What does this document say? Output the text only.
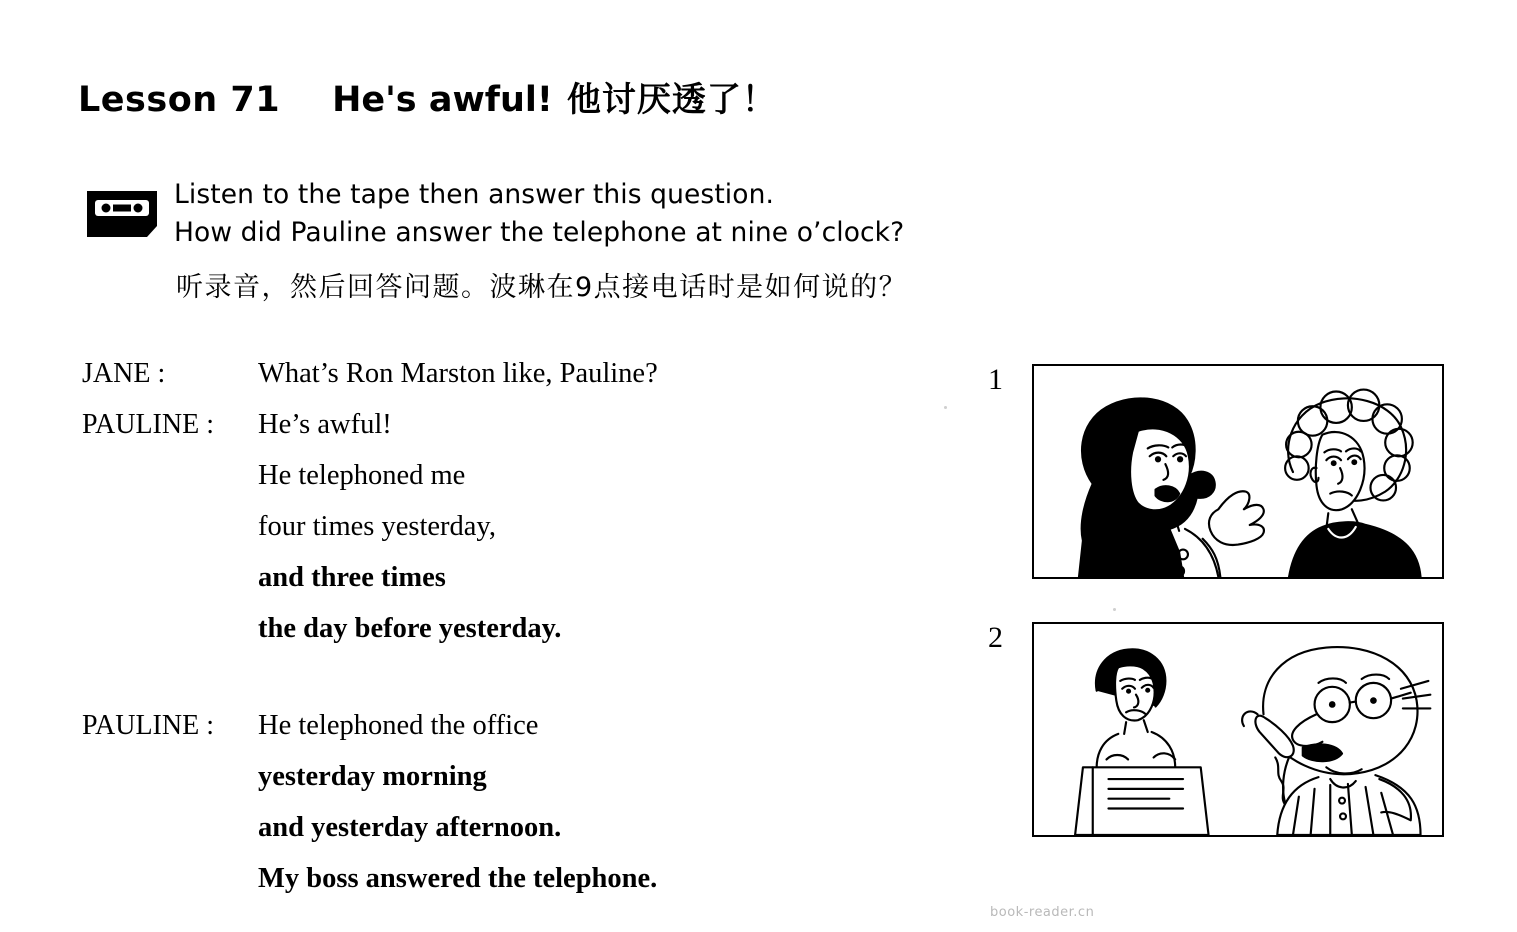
Lesson 71 He's awful! 他讨厌透了！
Listen to the tape then answer this question.
How did Pauline answer the telephone at nine o’clock?
听录音，然后回答问题。波琳在9点接电话时是如何说的？
JANE :	What’s Ron Marston like, Pauline?
PAULINE :	He’s awful!
He telephoned me
four times yesterday,
and three times
the day before yesterday.
PAULINE :	He telephoned the office
yesterday morning
and yesterday afternoon.
My boss answered the telephone.
1
2
book-reader.cn
